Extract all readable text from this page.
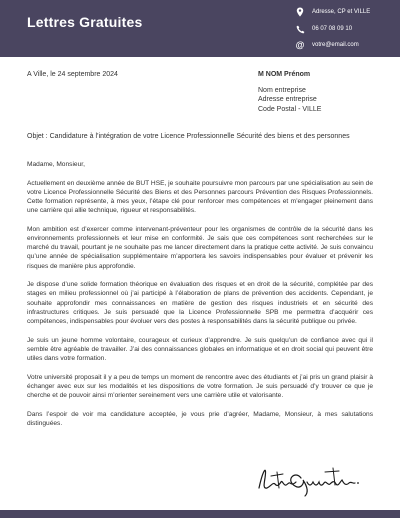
Lettres Gratuites
Adresse, CP et VILLE
06 07 08 09 10
@ votre@email.com
A Ville, le 24 septembre 2024	M NOM Prénom
Nom entreprise
Adresse entreprise
Code Postal - VILLE
Objet : Candidature à l’intégration de votre Licence Professionnelle Sécurité des biens et des personnes

Madame, Monsieur,

Actuellement en deuxième année de BUT HSE, je souhaite poursuivre mon parcours par une spécialisation au sein de votre Licence Professionnelle Sécurité des Biens et des Personnes parcours Prévention des Risques Professionnels. Cette formation représente, à mes yeux, l’étape clé pour renforcer mes compétences et m’engager pleinement dans une carrière qui allie technique, rigueur et responsabilités.

Mon ambition est d’exercer comme intervenant-préventeur pour les organismes de contrôle de la sécurité dans les environnements professionnels et leur mise en conformité. Je sais que ces compétences sont recherchées sur le marché du travail, pourtant je ne souhaite pas me lancer directement dans la pratique cette activité. Je suis convaincu qu’une année de spécialisation supplémentaire m’apportera les savoirs indispensables pour évaluer et prévenir les risques de manière plus approfondie.

Je dispose d’une solide formation théorique en évaluation des risques et en droit de la sécurité, complétée par des stages en milieu professionnel où j’ai participé à l’élaboration de plans de prévention des accidents. Cependant, je souhaite approfondir mes connaissances en matière de gestion des risques industriels et en sécurité des infrastructures critiques. Je suis persuadé que la Licence Professionnelle SPB me permettra d’acquérir ces compétences, indispensables pour évoluer vers des postes à responsabilités dans la sécurité publique ou privée.

Je suis un jeune homme volontaire, courageux et curieux d’apprendre. Je suis quelqu’un de confiance avec qui il semble être agréable de travailler. J’ai des connaissances globales en informatique et en droit social qui peuvent être utiles dans votre formation.

Votre université proposait il y a peu de temps un moment de rencontre avec des étudiants et j’ai pris un grand plaisir à échanger avec eux sur les modalités et les dispositions de votre formation. Je suis persuadé d’y trouver ce que je cherche et de pouvoir ainsi m’orienter sereinement vers une carrière utile et valorisante.

Dans l’espoir de voir ma candidature acceptée, je vous prie d’agréer, Madame, Monsieur, à mes salutations distinguées.
